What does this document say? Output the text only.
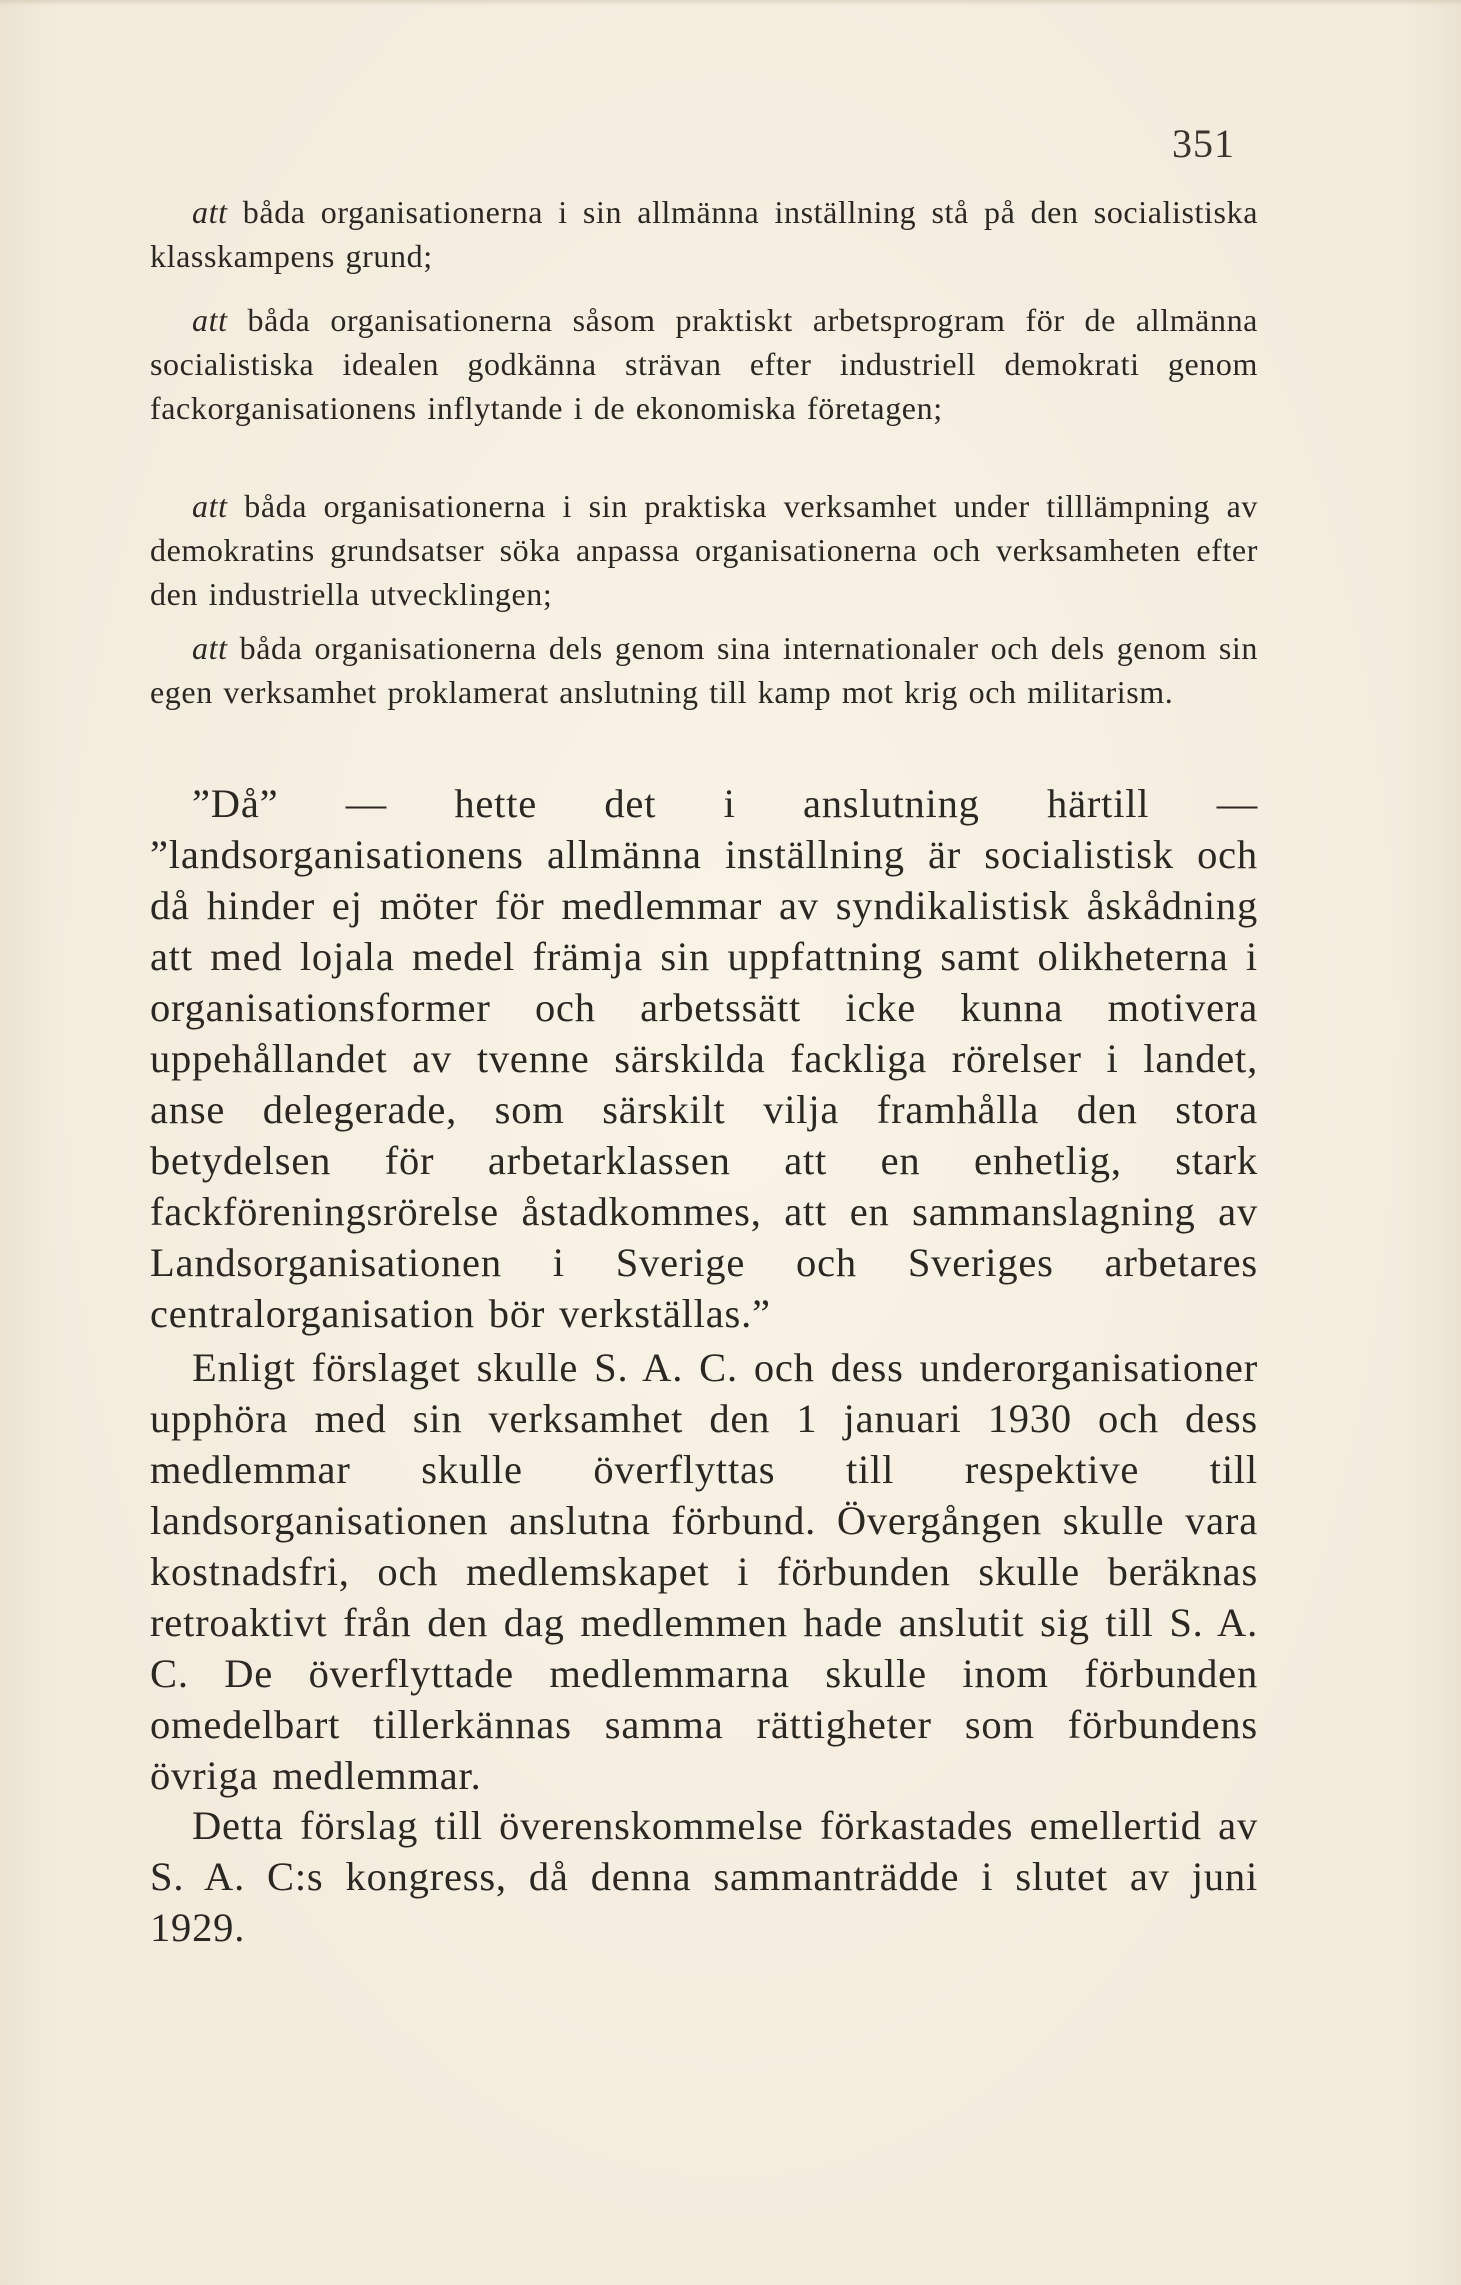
351

att båda organisationerna i sin allmänna inställning stå på den socialistiska klasskampens grund;

att båda organisationerna såsom praktiskt arbetsprogram för de allmänna socialistiska idealen godkänna strävan efter industriell demokrati genom fackorganisationens inflytande i de ekonomiska företagen;

att båda organisationerna i sin praktiska verksamhet under tilllämpning av demokratins grundsatser söka anpassa organisationerna och verksamheten efter den industriella utvecklingen;

att båda organisationerna dels genom sina internationaler och dels genom sin egen verksamhet proklamerat anslutning till kamp mot krig och militarism.

”Då” — hette det i anslutning härtill — ”landsorganisationens allmänna inställning är socialistisk och då hinder ej möter för medlemmar av syndikalistisk åskådning att med lojala medel främja sin uppfattning samt olikheterna i organisationsformer och arbetssätt icke kunna motivera uppehållandet av tvenne särskilda fackliga rörelser i landet, anse delegerade, som särskilt vilja framhålla den stora betydelsen för arbetarklassen att en enhetlig, stark fackföreningsrörelse åstadkommes, att en sammanslagning av Landsorganisationen i Sverige och Sveriges arbetares centralorganisation bör verkställas.”

Enligt förslaget skulle S. A. C. och dess underorganisationer upphöra med sin verksamhet den 1 januari 1930 och dess medlemmar skulle överflyttas till respektive till landsorganisationen anslutna förbund. Övergången skulle vara kostnadsfri, och medlemskapet i förbunden skulle beräknas retroaktivt från den dag medlemmen hade anslutit sig till S. A. C. De överflyttade medlemmarna skulle inom förbunden omedelbart tillerkännas samma rättigheter som förbundens övriga medlemmar.

Detta förslag till överenskommelse förkastades emellertid av S. A. C:s kongress, då denna sammanträdde i slutet av juni 1929.
